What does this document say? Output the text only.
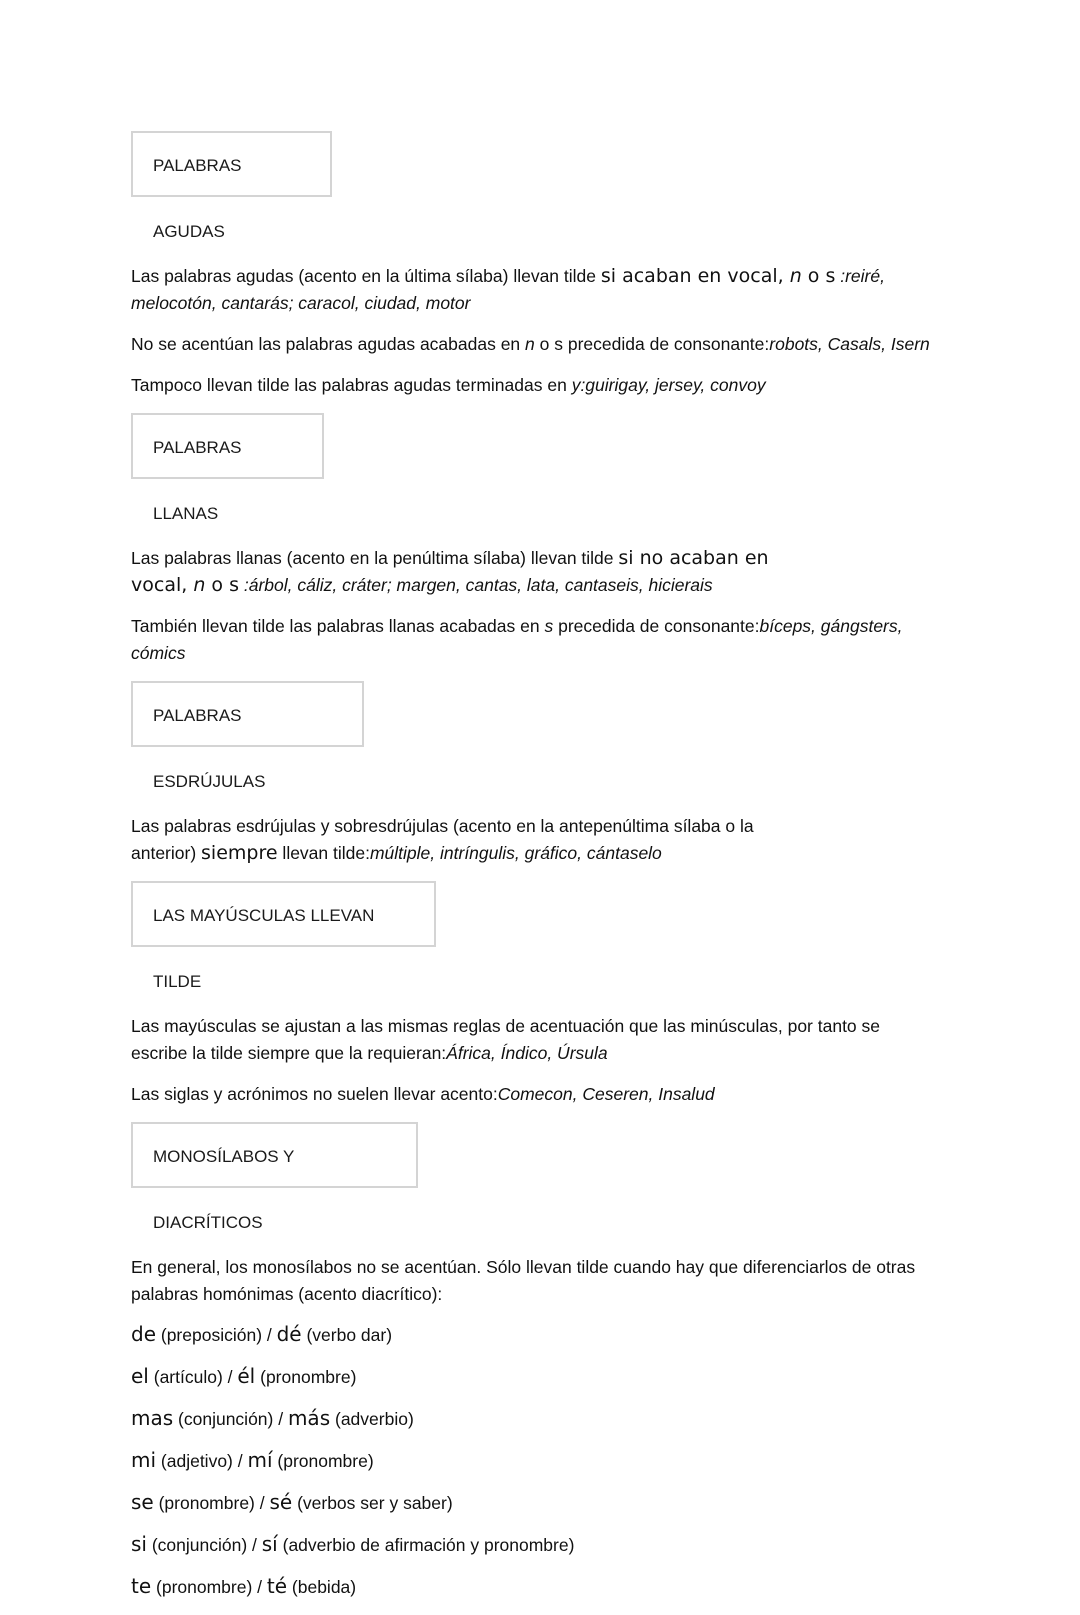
PALABRAS AGUDAS

Las palabras agudas (acento en la última sílaba) llevan tilde si acaban en vocal, n o s :reiré, melocotón, cantarás; caracol, ciudad, motor

No se acentúan las palabras agudas acabadas en n o s precedida de consonante:robots, Casals, Isern

Tampoco llevan tilde las palabras agudas terminadas en y:guirigay, jersey, convoy

PALABRAS LLANAS

Las palabras llanas (acento en la penúltima sílaba) llevan tilde si no acaban en vocal, n o s :árbol, cáliz, cráter; margen, cantas, lata, cantaseis, hicierais

También llevan tilde las palabras llanas acabadas en s precedida de consonante:bíceps, gángsters, cómics

PALABRAS ESDRÚJULAS

Las palabras esdrújulas y sobresdrújulas (acento en la antepenúltima sílaba o la anterior) siempre llevan tilde:múltiple, intríngulis, gráfico, cántaselo

LAS MAYÚSCULAS LLEVAN TILDE

Las mayúsculas se ajustan a las mismas reglas de acentuación que las minúsculas, por tanto se escribe la tilde siempre que la requieran:África, Índico, Úrsula

Las siglas y acrónimos no suelen llevar acento:Comecon, Ceseren, Insalud

MONOSÍLABOS Y DIACRÍTICOS

En general, los monosílabos no se acentúan. Sólo llevan tilde cuando hay que diferenciarlos de otras palabras homónimas (acento diacrítico):

de (preposición) / dé (verbo dar)

el (artículo) / él (pronombre)

mas (conjunción) / más (adverbio)

mi (adjetivo) / mí (pronombre)

se (pronombre) / sé (verbos ser y saber)

si (conjunción) / sí (adverbio de afirmación y pronombre)

te (pronombre) / té (bebida)
